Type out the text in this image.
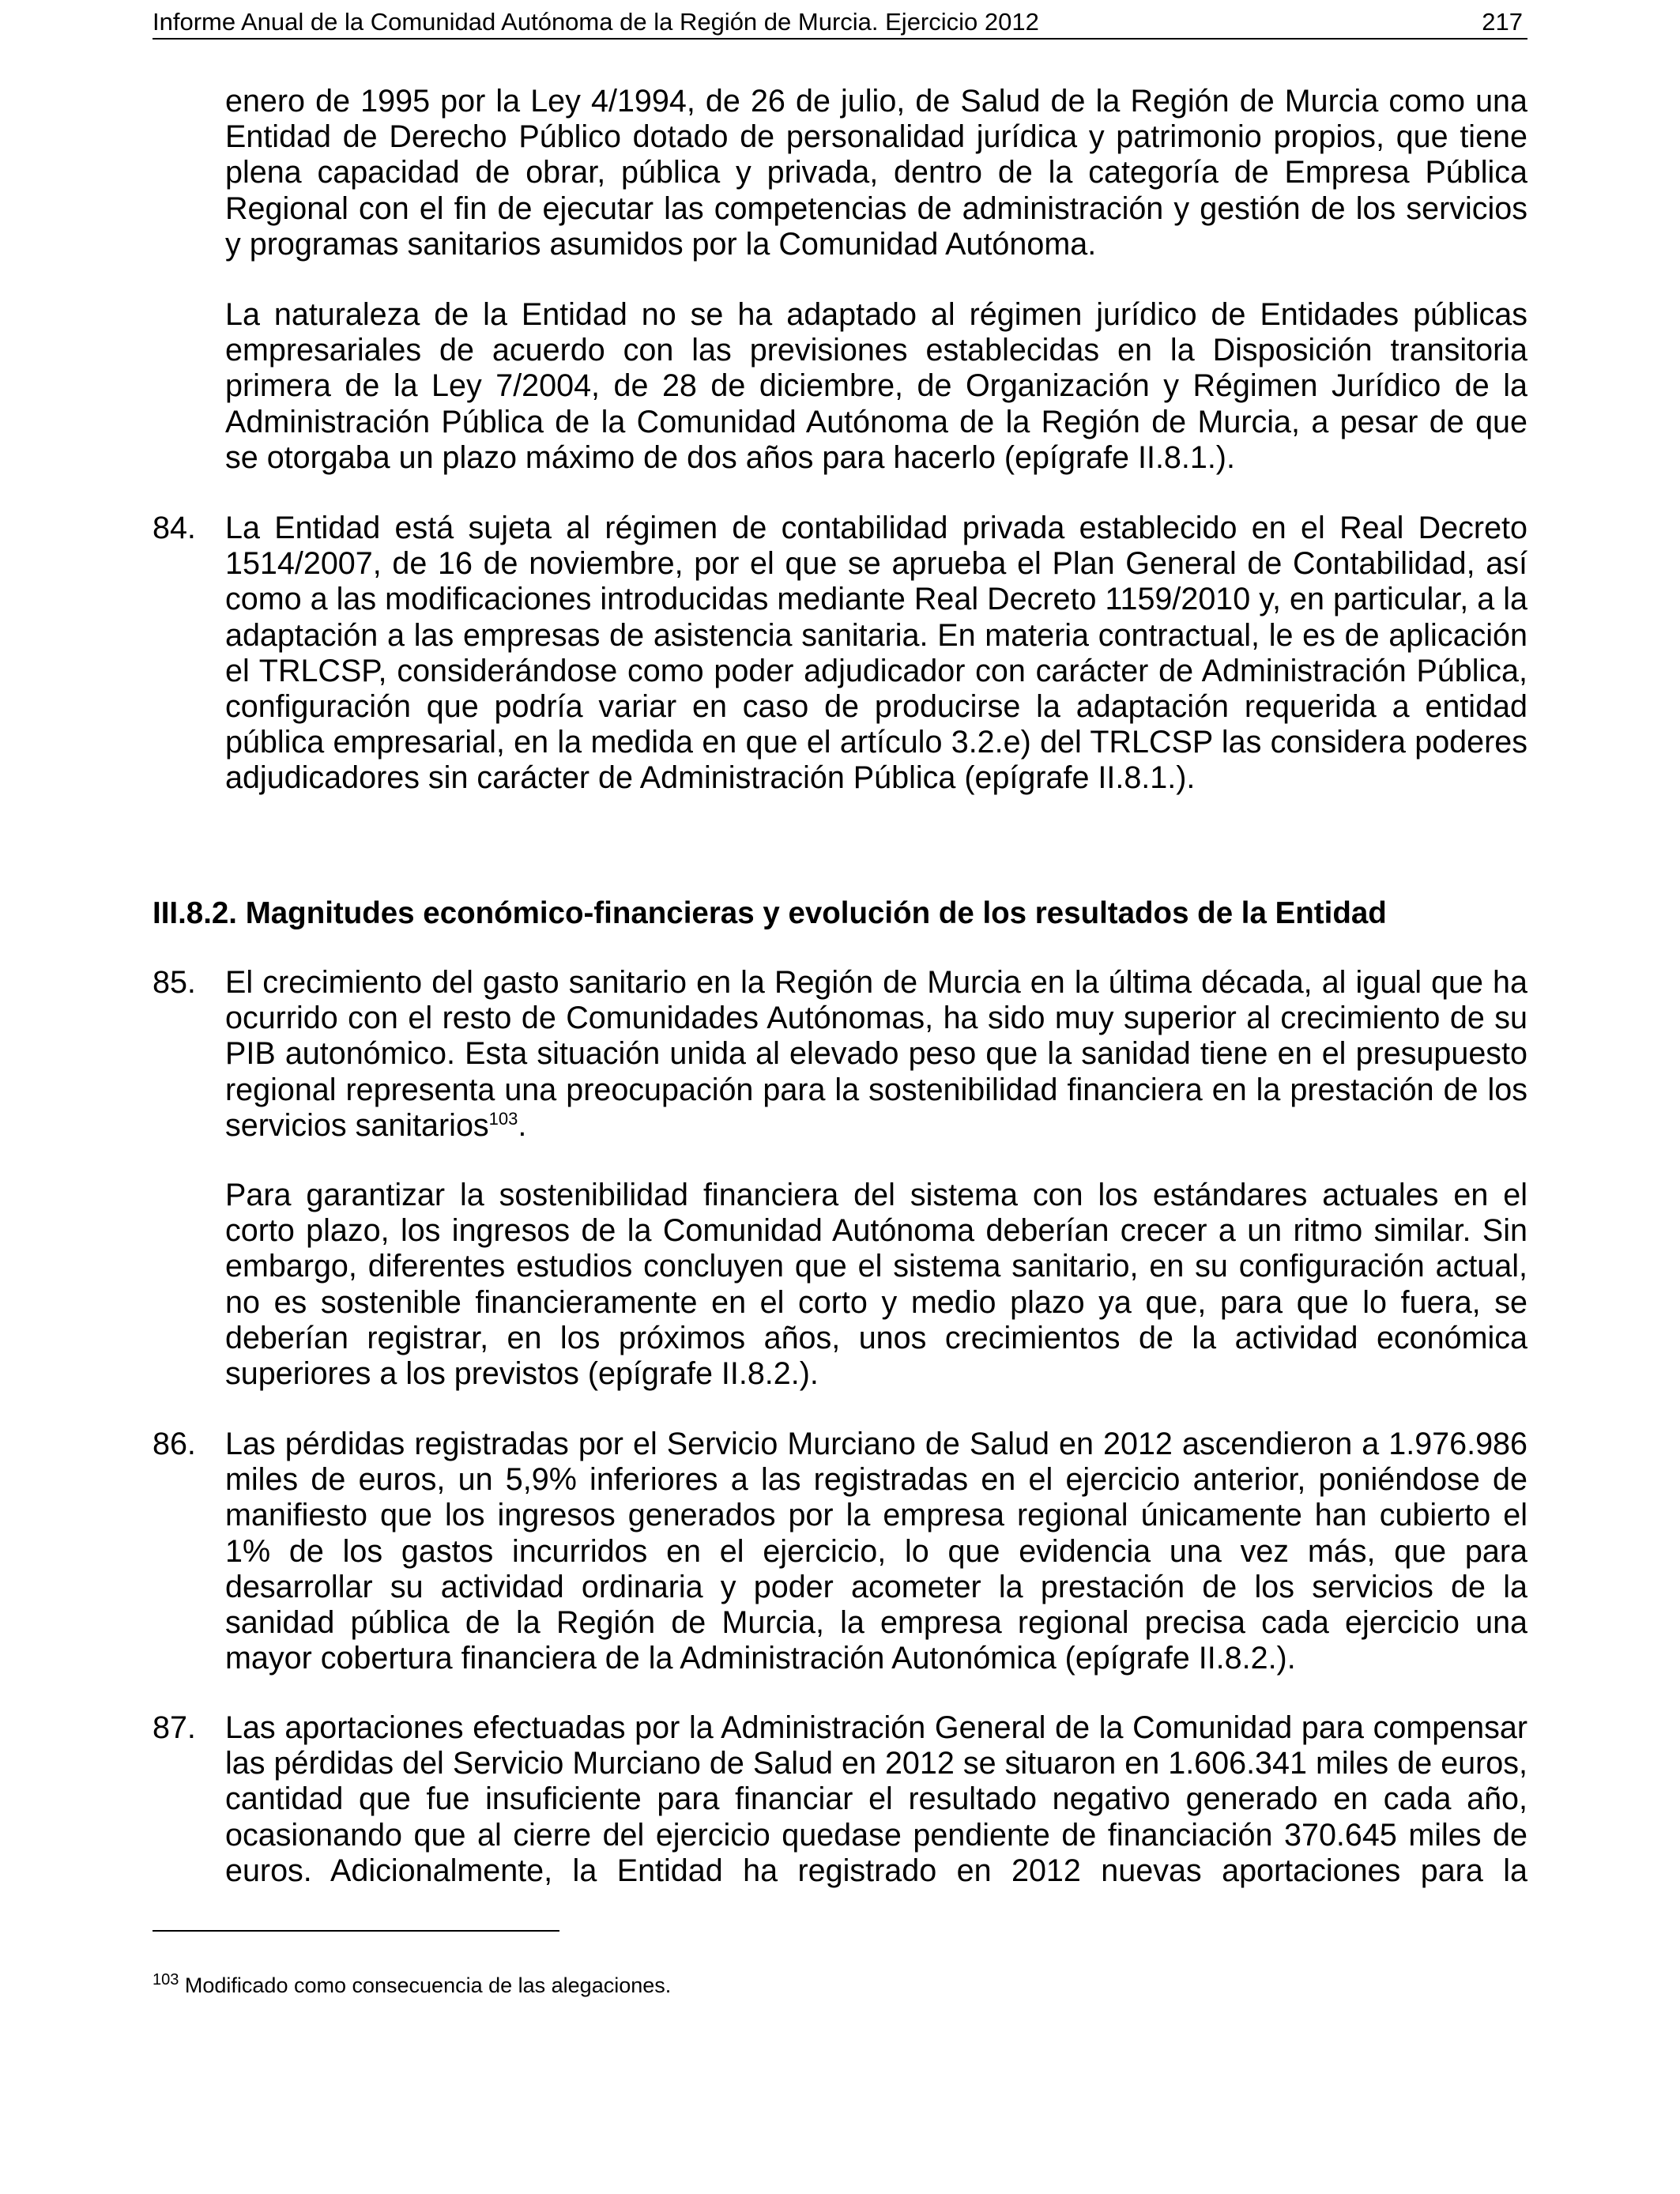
Informe Anual de la Comunidad Autónoma de la Región de Murcia. Ejercicio 2012	217

enero de 1995 por la Ley 4/1994, de 26 de julio, de Salud de la Región de Murcia como una Entidad de Derecho Público dotado de personalidad jurídica y patrimonio propios, que tiene plena capacidad de obrar, pública y privada, dentro de la categoría de Empresa Pública Regional con el fin de ejecutar las competencias de administración y gestión de los servicios y programas sanitarios asumidos por la Comunidad Autónoma.

La naturaleza de la Entidad no se ha adaptado al régimen jurídico de Entidades públicas empresariales de acuerdo con las previsiones establecidas en la Disposición transitoria primera de la Ley 7/2004, de 28 de diciembre, de Organización y Régimen Jurídico de la Administración Pública de la Comunidad Autónoma de la Región de Murcia, a pesar de que se otorgaba un plazo máximo de dos años para hacerlo (epígrafe II.8.1.).

84. La Entidad está sujeta al régimen de contabilidad privada establecido en el Real Decreto 1514/2007, de 16 de noviembre, por el que se aprueba el Plan General de Contabilidad, así como a las modificaciones introducidas mediante Real Decreto 1159/2010 y, en particular, a la adaptación a las empresas de asistencia sanitaria. En materia contractual, le es de aplicación el TRLCSP, considerándose como poder adjudicador con carácter de Administración Pública, configuración que podría variar en caso de producirse la adaptación requerida a entidad pública empresarial, en la medida en que el artículo 3.2.e) del TRLCSP las considera poderes adjudicadores sin carácter de Administración Pública (epígrafe II.8.1.).

III.8.2. Magnitudes económico-financieras y evolución de los resultados de la Entidad
85. El crecimiento del gasto sanitario en la Región de Murcia en la última década, al igual que ha ocurrido con el resto de Comunidades Autónomas, ha sido muy superior al crecimiento de su PIB autonómico. Esta situación unida al elevado peso que la sanidad tiene en el presupuesto regional representa una preocupación para la sostenibilidad financiera en la prestación de los servicios sanitarios$^{103}$.

Para garantizar la sostenibilidad financiera del sistema con los estándares actuales en el corto plazo, los ingresos de la Comunidad Autónoma deberían crecer a un ritmo similar. Sin embargo, diferentes estudios concluyen que el sistema sanitario, en su configuración actual, no es sostenible financieramente en el corto y medio plazo ya que, para que lo fuera, se deberían registrar, en los próximos años, unos crecimientos de la actividad económica superiores a los previstos (epígrafe II.8.2.).

86. Las pérdidas registradas por el Servicio Murciano de Salud en 2012 ascendieron a 1.976.986 miles de euros, un 5,9% inferiores a las registradas en el ejercicio anterior, poniéndose de manifiesto que los ingresos generados por la empresa regional únicamente han cubierto el 1% de los gastos incurridos en el ejercicio, lo que evidencia una vez más, que para desarrollar su actividad ordinaria y poder acometer la prestación de los servicios de la sanidad pública de la Región de Murcia, la empresa regional precisa cada ejercicio una mayor cobertura financiera de la Administración Autonómica (epígrafe II.8.2.).

87. Las aportaciones efectuadas por la Administración General de la Comunidad para compensar las pérdidas del Servicio Murciano de Salud en 2012 se situaron en 1.606.341 miles de euros, cantidad que fue insuficiente para financiar el resultado negativo generado en cada año, ocasionando que al cierre del ejercicio quedase pendiente de financiación 370.645 miles de euros. Adicionalmente, la Entidad ha registrado en 2012 nuevas aportaciones para la

$^{103}$ Modificado como consecuencia de las alegaciones.
